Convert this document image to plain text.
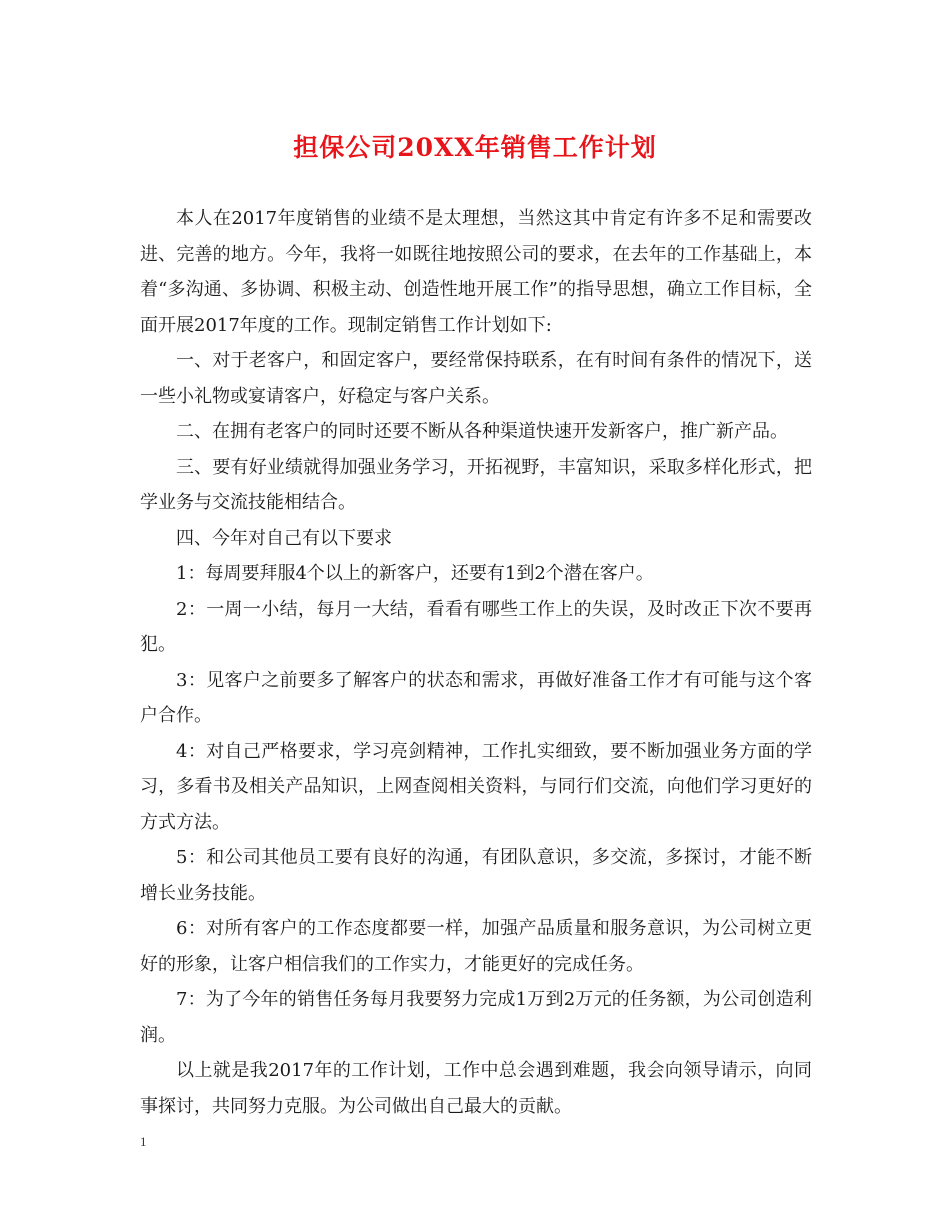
担保公司20XX年销售工作计划

本人在2017年度销售的业绩不是太理想，当然这其中肯定有许多不足和需要改进、完善的地方。今年，我将一如既往地按照公司的要求，在去年的工作基础上，本着“多沟通、多协调、积极主动、创造性地开展工作”的指导思想，确立工作目标，全面开展2017年度的工作。现制定销售工作计划如下:

一、对于老客户，和固定客户，要经常保持联系，在有时间有条件的情况下，送一些小礼物或宴请客户，好稳定与客户关系。

二、在拥有老客户的同时还要不断从各种渠道快速开发新客户，推广新产品。

三、要有好业绩就得加强业务学习，开拓视野，丰富知识，采取多样化形式，把学业务与交流技能相结合。

四、今年对自己有以下要求

1：每周要拜服4个以上的新客户，还要有1到2个潜在客户。

2：一周一小结，每月一大结，看看有哪些工作上的失误，及时改正下次不要再犯。

3：见客户之前要多了解客户的状态和需求，再做好准备工作才有可能与这个客户合作。

4：对自己严格要求，学习亮剑精神，工作扎实细致，要不断加强业务方面的学习，多看书及相关产品知识，上网查阅相关资料，与同行们交流，向他们学习更好的方式方法。

5：和公司其他员工要有良好的沟通，有团队意识，多交流，多探讨，才能不断增长业务技能。

6：对所有客户的工作态度都要一样，加强产品质量和服务意识，为公司树立更好的形象，让客户相信我们的工作实力，才能更好的完成任务。

7：为了今年的销售任务每月我要努力完成1万到2万元的任务额，为公司创造利润。

以上就是我2017年的工作计划，工作中总会遇到难题，我会向领导请示，向同事探讨，共同努力克服。为公司做出自己最大的贡献。

1
